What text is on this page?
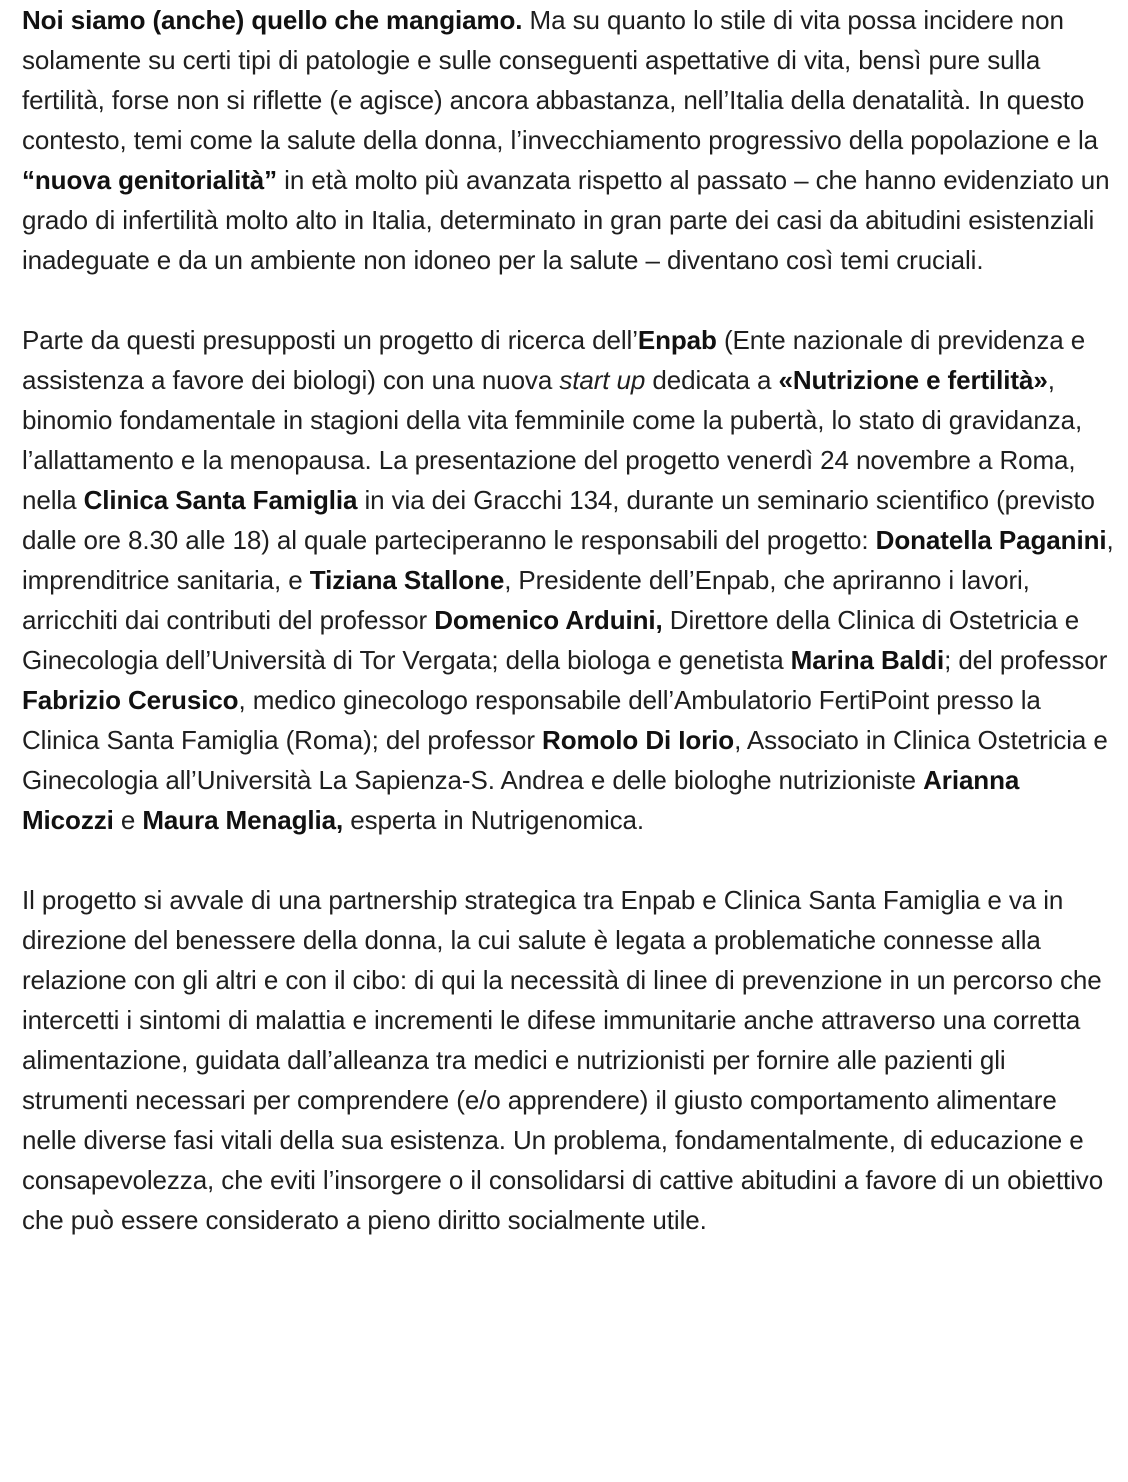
Noi siamo (anche) quello che mangiamo. Ma su quanto lo stile di vita possa incidere non solamente su certi tipi di patologie e sulle conseguenti aspettative di vita, bensì pure sulla fertilità, forse non si riflette (e agisce) ancora abbastanza, nell’Italia della denatalità. In questo contesto, temi come la salute della donna, l’invecchiamento progressivo della popolazione e la “nuova genitorialità” in età molto più avanzata rispetto al passato – che hanno evidenziato un grado di infertilità molto alto in Italia, determinato in gran parte dei casi da abitudini esistenziali inadeguate e da un ambiente non idoneo per la salute – diventano così temi cruciali.

Parte da questi presupposti un progetto di ricerca dell’Enpab (Ente nazionale di previdenza e assistenza a favore dei biologi) con una nuova start up dedicata a «Nutrizione e fertilità», binomio fondamentale in stagioni della vita femminile come la pubertà, lo stato di gravidanza, l’allattamento e la menopausa. La presentazione del progetto venerdì 24 novembre a Roma, nella Clinica Santa Famiglia in via dei Gracchi 134, durante un seminario scientifico (previsto dalle ore 8.30 alle 18) al quale parteciperanno le responsabili del progetto: Donatella Paganini, imprenditrice sanitaria, e Tiziana Stallone, Presidente dell’Enpab, che apriranno i lavori, arricchiti dai contributi del professor Domenico Arduini, Direttore della Clinica di Ostetricia e Ginecologia dell’Università di Tor Vergata; della biologa e genetista Marina Baldi; del professor Fabrizio Cerusico, medico ginecologo responsabile dell’Ambulatorio FertiPoint presso la Clinica Santa Famiglia (Roma); del professor Romolo Di Iorio, Associato in Clinica Ostetricia e Ginecologia all’Università La Sapienza-S. Andrea e delle biologhe nutrizioniste Arianna Micozzi e Maura Menaglia, esperta in Nutrigenomica.

Il progetto si avvale di una partnership strategica tra Enpab e Clinica Santa Famiglia e va in direzione del benessere della donna, la cui salute è legata a problematiche connesse alla relazione con gli altri e con il cibo: di qui la necessità di linee di prevenzione in un percorso che intercetti i sintomi di malattia e incrementi le difese immunitarie anche attraverso una corretta alimentazione, guidata dall’alleanza tra medici e nutrizionisti per fornire alle pazienti gli strumenti necessari per comprendere (e/o apprendere) il giusto comportamento alimentare nelle diverse fasi vitali della sua esistenza. Un problema, fondamentalmente, di educazione e consapevolezza, che eviti l’insorgere o il consolidarsi di cattive abitudini a favore di un obiettivo che può essere considerato a pieno diritto socialmente utile.
